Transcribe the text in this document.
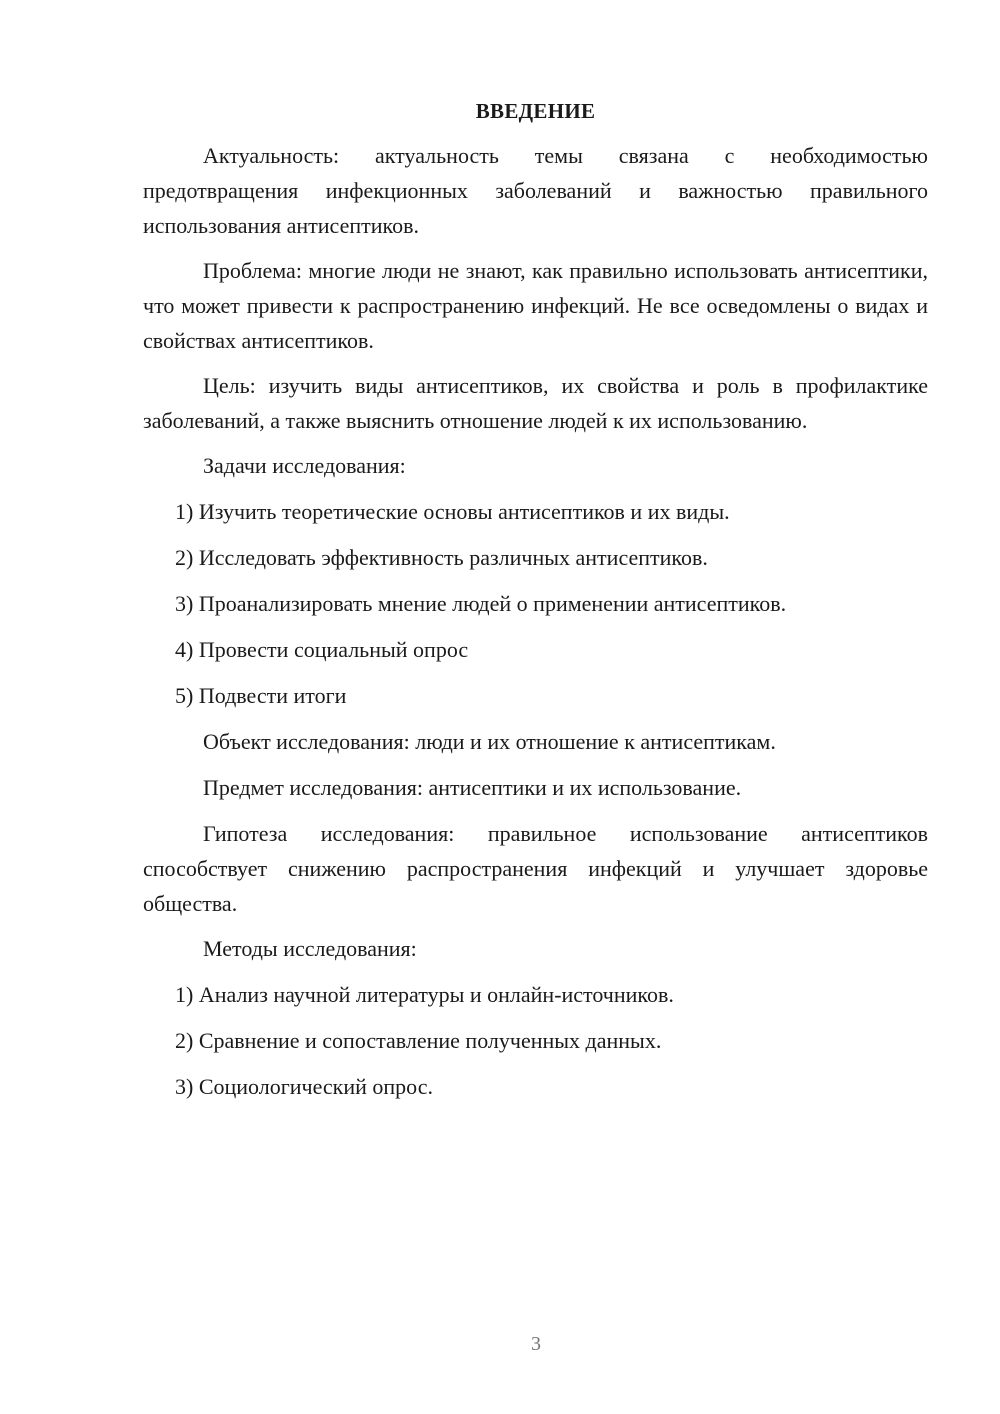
ВВЕДЕНИЕ

Актуальность: актуальность темы связана с необходимостью предотвращения инфекционных заболеваний и важностью правильного использования антисептиков.

Проблема: многие люди не знают, как правильно использовать антисептики, что может привести к распространению инфекций. Не все осведомлены о видах и свойствах антисептиков.

Цель: изучить виды антисептиков, их свойства и роль в профилактике заболеваний, а также выяснить отношение людей к их использованию.

Задачи исследования:
1) Изучить теоретические основы антисептиков и их виды.
2) Исследовать эффективность различных антисептиков.
3) Проанализировать мнение людей о применении антисептиков.
4) Провести социальный опрос
5) Подвести итоги
Объект исследования: люди и их отношение к антисептикам.
Предмет исследования: антисептики и их использование.

Гипотеза исследования: правильное использование антисептиков способствует снижению распространения инфекций и улучшает здоровье общества.

Методы исследования:
1) Анализ научной литературы и онлайн-источников.
2) Сравнение и сопоставление полученных данных.
3) Социологический опрос.
3
